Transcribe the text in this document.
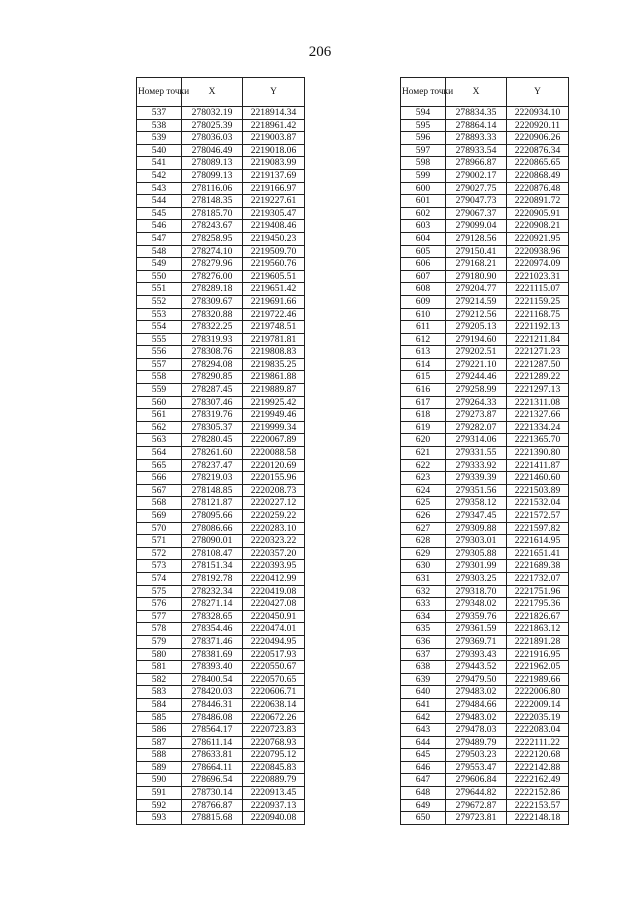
206
Номер точки	X	Y
537	278032.19	2218914.34
538	278025.39	2218961.42
539	278036.03	2219003.87
540	278046.49	2219018.06
541	278089.13	2219083.99
542	278099.13	2219137.69
543	278116.06	2219166.97
544	278148.35	2219227.61
545	278185.70	2219305.47
546	278243.67	2219408.46
547	278258.95	2219450.23
548	278274.10	2219509.70
549	278279.96	2219560.76
550	278276.00	2219605.51
551	278289.18	2219651.42
552	278309.67	2219691.66
553	278320.88	2219722.46
554	278322.25	2219748.51
555	278319.93	2219781.81
556	278308.76	2219808.83
557	278294.08	2219835.25
558	278290.85	2219861.88
559	278287.45	2219889.87
560	278307.46	2219925.42
561	278319.76	2219949.46
562	278305.37	2219999.34
563	278280.45	2220067.89
564	278261.60	2220088.58
565	278237.47	2220120.69
566	278219.03	2220155.96
567	278148.85	2220208.73
568	278121.87	2220227.12
569	278095.66	2220259.22
570	278086.66	2220283.10
571	278090.01	2220323.22
572	278108.47	2220357.20
573	278151.34	2220393.95
574	278192.78	2220412.99
575	278232.34	2220419.08
576	278271.14	2220427.08
577	278328.65	2220450.91
578	278354.46	2220474.01
579	278371.46	2220494.95
580	278381.69	2220517.93
581	278393.40	2220550.67
582	278400.54	2220570.65
583	278420.03	2220606.71
584	278446.31	2220638.14
585	278486.08	2220672.26
586	278564.17	2220723.83
587	278611.14	2220768.93
588	278633.81	2220795.12
589	278664.11	2220845.83
590	278696.54	2220889.79
591	278730.14	2220913.45
592	278766.87	2220937.13
593	278815.68	2220940.08
Номер точки	X	Y
594	278834.35	2220934.10
595	278864.14	2220920.11
596	278893.33	2220906.26
597	278933.54	2220876.34
598	278966.87	2220865.65
599	279002.17	2220868.49
600	279027.75	2220876.48
601	279047.73	2220891.72
602	279067.37	2220905.91
603	279099.04	2220908.21
604	279128.56	2220921.95
605	279150.41	2220938.96
606	279168.21	2220974.09
607	279180.90	2221023.31
608	279204.77	2221115.07
609	279214.59	2221159.25
610	279212.56	2221168.75
611	279205.13	2221192.13
612	279194.60	2221211.84
613	279202.51	2221271.23
614	279221.10	2221287.50
615	279244.46	2221289.22
616	279258.99	2221297.13
617	279264.33	2221311.08
618	279273.87	2221327.66
619	279282.07	2221334.24
620	279314.06	2221365.70
621	279331.55	2221390.80
622	279333.92	2221411.87
623	279339.39	2221460.60
624	279351.56	2221503.89
625	279358.12	2221532.04
626	279347.45	2221572.57
627	279309.88	2221597.82
628	279303.01	2221614.95
629	279305.88	2221651.41
630	279301.99	2221689.38
631	279303.25	2221732.07
632	279318.70	2221751.96
633	279348.02	2221795.36
634	279359.76	2221826.67
635	279361.59	2221863.12
636	279369.71	2221891.28
637	279393.43	2221916.95
638	279443.52	2221962.05
639	279479.50	2221989.66
640	279483.02	2222006.80
641	279484.66	2222009.14
642	279483.02	2222035.19
643	279478.03	2222083.04
644	279489.79	2222111.22
645	279503.23	2222120.68
646	279553.47	2222142.88
647	279606.84	2222162.49
648	279644.82	2222152.86
649	279672.87	2222153.57
650	279723.81	2222148.18
